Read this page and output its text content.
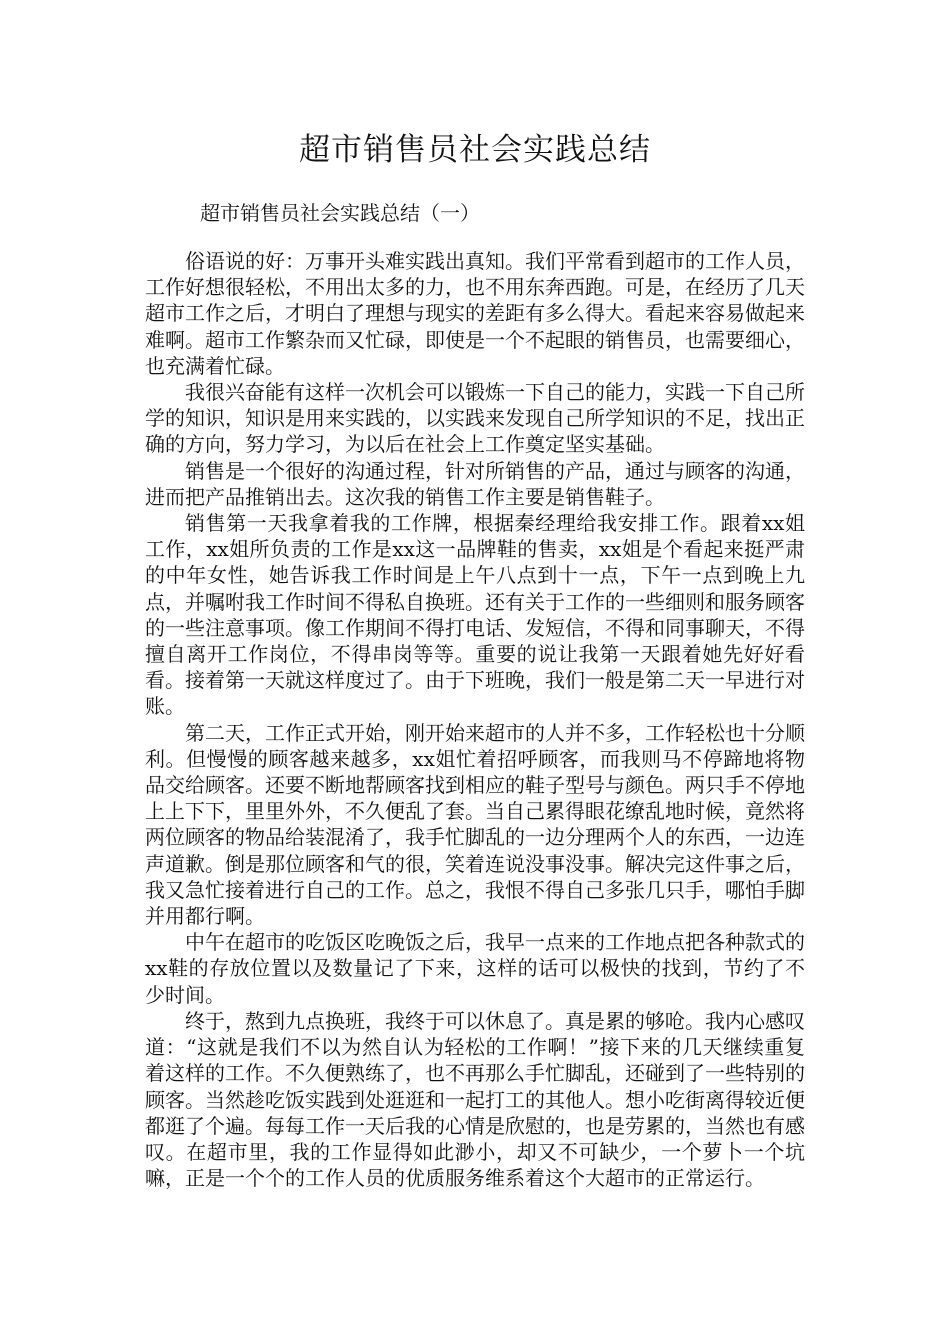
超市销售员社会实践总结
超市销售员社会实践总结（一）

俗语说的好：万事开头难实践出真知。我们平常看到超市的工作人员，工作好想很轻松，不用出太多的力，也不用东奔西跑。可是，在经历了几天超市工作之后，才明白了理想与现实的差距有多么得大。看起来容易做起来难啊。超市工作繁杂而又忙碌，即使是一个不起眼的销售员，也需要细心，也充满着忙碌。

我很兴奋能有这样一次机会可以锻炼一下自己的能力，实践一下自己所学的知识，知识是用来实践的，以实践来发现自己所学知识的不足，找出正确的方向，努力学习，为以后在社会上工作奠定坚实基础。

销售是一个很好的沟通过程，针对所销售的产品，通过与顾客的沟通，进而把产品推销出去。这次我的销售工作主要是销售鞋子。

销售第一天我拿着我的工作牌，根据秦经理给我安排工作。跟着xx姐工作，xx姐所负责的工作是xx这一品牌鞋的售卖，xx姐是个看起来挺严肃的中年女性，她告诉我工作时间是上午八点到十一点，下午一点到晚上九点，并嘱咐我工作时间不得私自换班。还有关于工作的一些细则和服务顾客的一些注意事项。像工作期间不得打电话、发短信，不得和同事聊天，不得擅自离开工作岗位，不得串岗等等。重要的说让我第一天跟着她先好好看看。接着第一天就这样度过了。由于下班晚，我们一般是第二天一早进行对账。

第二天，工作正式开始，刚开始来超市的人并不多，工作轻松也十分顺利。但慢慢的顾客越来越多，xx姐忙着招呼顾客，而我则马不停蹄地将物品交给顾客。还要不断地帮顾客找到相应的鞋子型号与颜色。两只手不停地上上下下，里里外外，不久便乱了套。当自己累得眼花缭乱地时候，竟然将两位顾客的物品给装混淆了，我手忙脚乱的一边分理两个人的东西，一边连声道歉。倒是那位顾客和气的很，笑着连说没事没事。解决完这件事之后，我又急忙接着进行自己的工作。总之，我恨不得自己多张几只手，哪怕手脚并用都行啊。

中午在超市的吃饭区吃晚饭之后，我早一点来的工作地点把各种款式的xx鞋的存放位置以及数量记了下来，这样的话可以极快的找到，节约了不少时间。

终于，熬到九点换班，我终于可以休息了。真是累的够呛。我内心感叹道：“这就是我们不以为然自认为轻松的工作啊！”接下来的几天继续重复着这样的工作。不久便熟练了，也不再那么手忙脚乱，还碰到了一些特别的顾客。当然趁吃饭实践到处逛逛和一起打工的其他人。想小吃街离得较近便都逛了个遍。每每工作一天后我的心情是欣慰的，也是劳累的，当然也有感叹。在超市里，我的工作显得如此渺小，却又不可缺少，一个萝卜一个坑嘛，正是一个个的工作人员的优质服务维系着这个大超市的正常运行。
